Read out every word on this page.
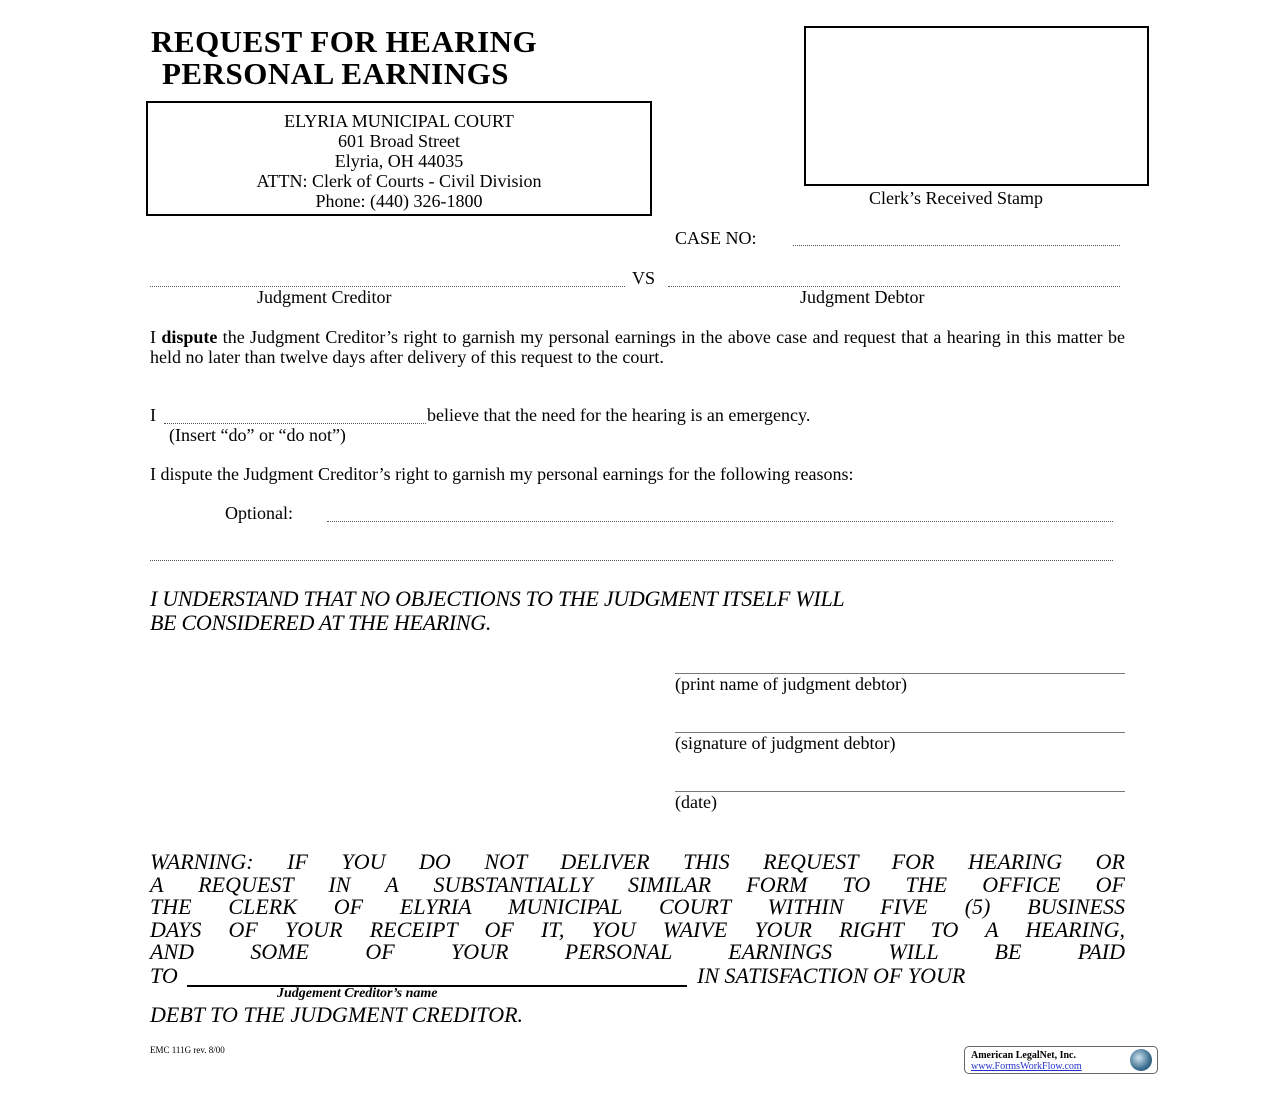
REQUEST FOR HEARING
PERSONAL EARNINGS
ELYRIA MUNICIPAL COURT
601 Broad Street
Elyria, OH 44035
ATTN: Clerk of Courts - Civil Division
Phone: (440) 326-1800	Clerk’s Received Stamp
CASE NO:
VS
Judgment Creditor	Judgment Debtor
I dispute the Judgment Creditor’s right to garnish my personal earnings in the above case and request that a hearing in this matter be held no later than twelve days after delivery of this request to the court.
I	believe that the need for the hearing is an emergency.
(Insert “do” or “do not”)
I dispute the Judgment Creditor’s right to garnish my personal earnings for the following reasons:
Optional:
I UNDERSTAND THAT NO OBJECTIONS TO THE JUDGMENT ITSELF WILL
BE CONSIDERED AT THE HEARING.
(print name of judgment debtor)
(signature of judgment debtor)
(date)
WARNING: IF YOU DO NOT DELIVER THIS REQUEST FOR HEARING OR
A REQUEST IN A SUBSTANTIALLY SIMILAR FORM TO THE OFFICE OF
THE CLERK OF ELYRIA MUNICIPAL COURT WITHIN FIVE (5) BUSINESS
DAYS OF YOUR RECEIPT OF IT, YOU WAIVE YOUR RIGHT TO A HEARING,
AND SOME OF YOUR PERSONAL EARNINGS WILL BE PAID
TO	IN SATISFACTION OF YOUR
Judgement Creditor’s name
DEBT TO THE JUDGMENT CREDITOR.
EMC 111G rev. 8/00	American LegalNet, Inc.
www.FormsWorkFlow.com
